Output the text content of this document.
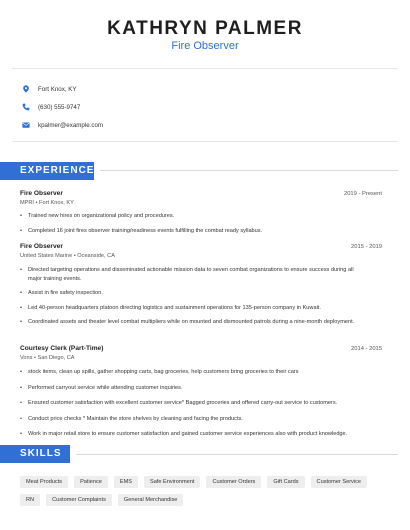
KATHRYN PALMER
Fire Observer
Fort Knox, KY
(630) 555-9747
kpalmer@example.com
EXPERIENCE
Fire Observer	2019 - Present
MPRI • Fort Knox, KY
• Trained new hires on organizational policy and procedures.
• Completed 16 joint fires observer training/readiness events fulfilling the combat ready syllabus.
Fire Observer	2015 - 2019
United States Marine • Oceanside, CA
• Directed targeting operations and disseminated actionable mission data to seven combat organizations to ensure success during all major training events.
• Assist in fire safety inspection.
• Led 40-person headquarters platoon directing logistics and sustainment operations for 135-person company in Kuwait.
• Coordinated assets and theater level combat multipliers while on mounted and dismounted patrols during a nine-month deployment.
Courtesy Clerk (Part-Time)	2014 - 2015
Vons • San Diego, CA
• stock items, clean up spills, gather shopping carts, bag groceries, help customers bring groceries to their cars
• Performed carryout service while attending customer inquiries.
• Ensured customer satisfaction with excellent customer service* Bagged groceries and offered carry-out service to customers.
• Conduct price checks * Maintain the store shelves by cleaning and facing the products.
• Work in major retail store to ensure customer satisfaction and gained customer service experiences also with product knowledge.
SKILLS
Meat Products	Patience	EMS	Safe Environment	Customer Orders	Gift Cards	Customer Service
RN	Customer Complaints	General Merchandise
